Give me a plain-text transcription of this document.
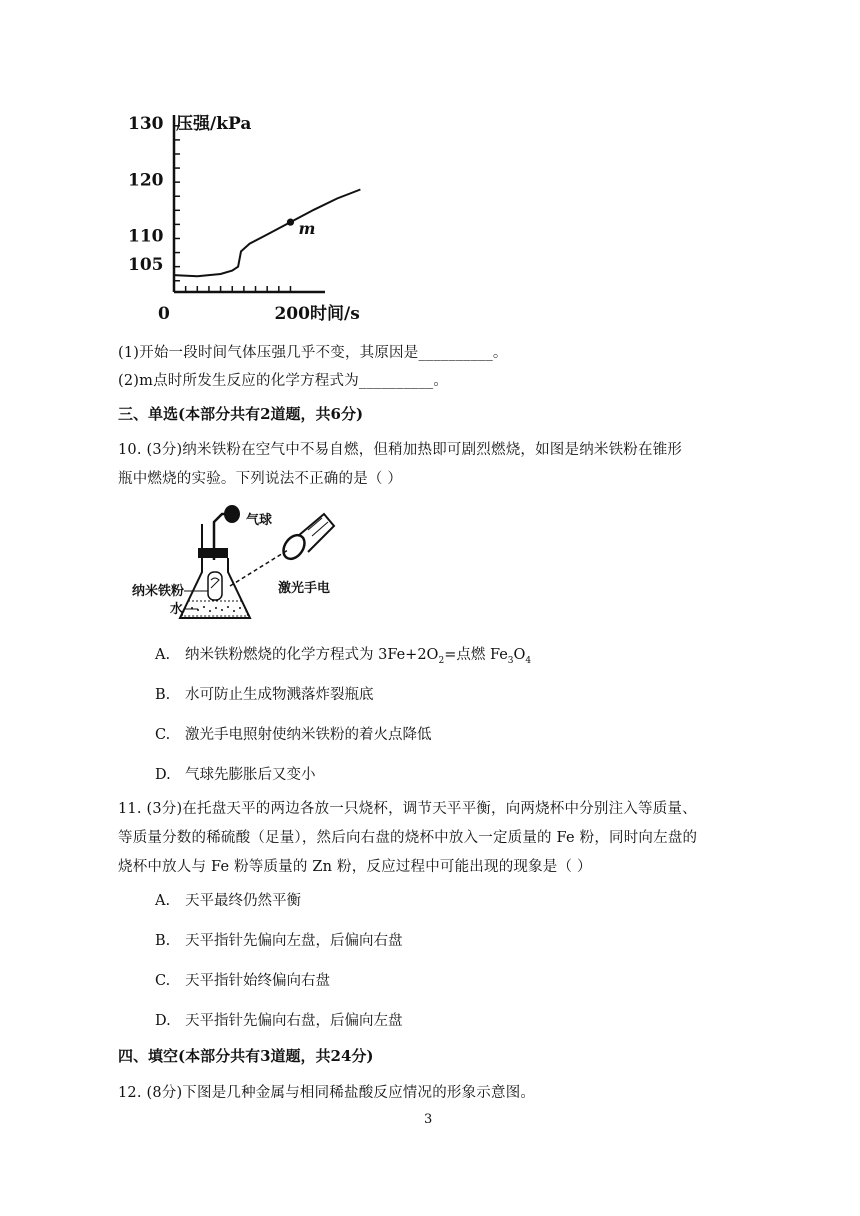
压强/kPa
时间/s
130
120
110
105
0	200
m
(1)开始一段时间气体压强几乎不变，其原因是__________。
(2)m点时所发生反应的化学方程式为__________。
三、单选(本部分共有2道题，共6分)
10. (3分)纳米铁粉在空气中不易自燃，但稍加热即可剧烈燃烧，如图是纳米铁粉在锥形
瓶中燃烧的实验。下列说法不正确的是（ ）
气球
纳米铁粉
水
激光手电
A. 纳米铁粉燃烧的化学方程式为 $3Fe+2O_2=$点燃 $Fe_3O_4$
B. 水可防止生成物溅落炸裂瓶底
C. 激光手电照射使纳米铁粉的着火点降低
D. 气球先膨胀后又变小
11. (3分)在托盘天平的两边各放一只烧杯，调节天平平衡，向两烧杯中分别注入等质量、
等质量分数的稀硫酸（足量），然后向右盘的烧杯中放入一定质量的 Fe 粉，同时向左盘的
烧杯中放人与 Fe 粉等质量的 Zn 粉，反应过程中可能出现的现象是（ ）
A. 天平最终仍然平衡
B. 天平指针先偏向左盘，后偏向右盘
C. 天平指针始终偏向右盘
D. 天平指针先偏向右盘，后偏向左盘
四、填空(本部分共有3道题，共24分)
12. (8分)下图是几种金属与相同稀盐酸反应情况的形象示意图。
3
